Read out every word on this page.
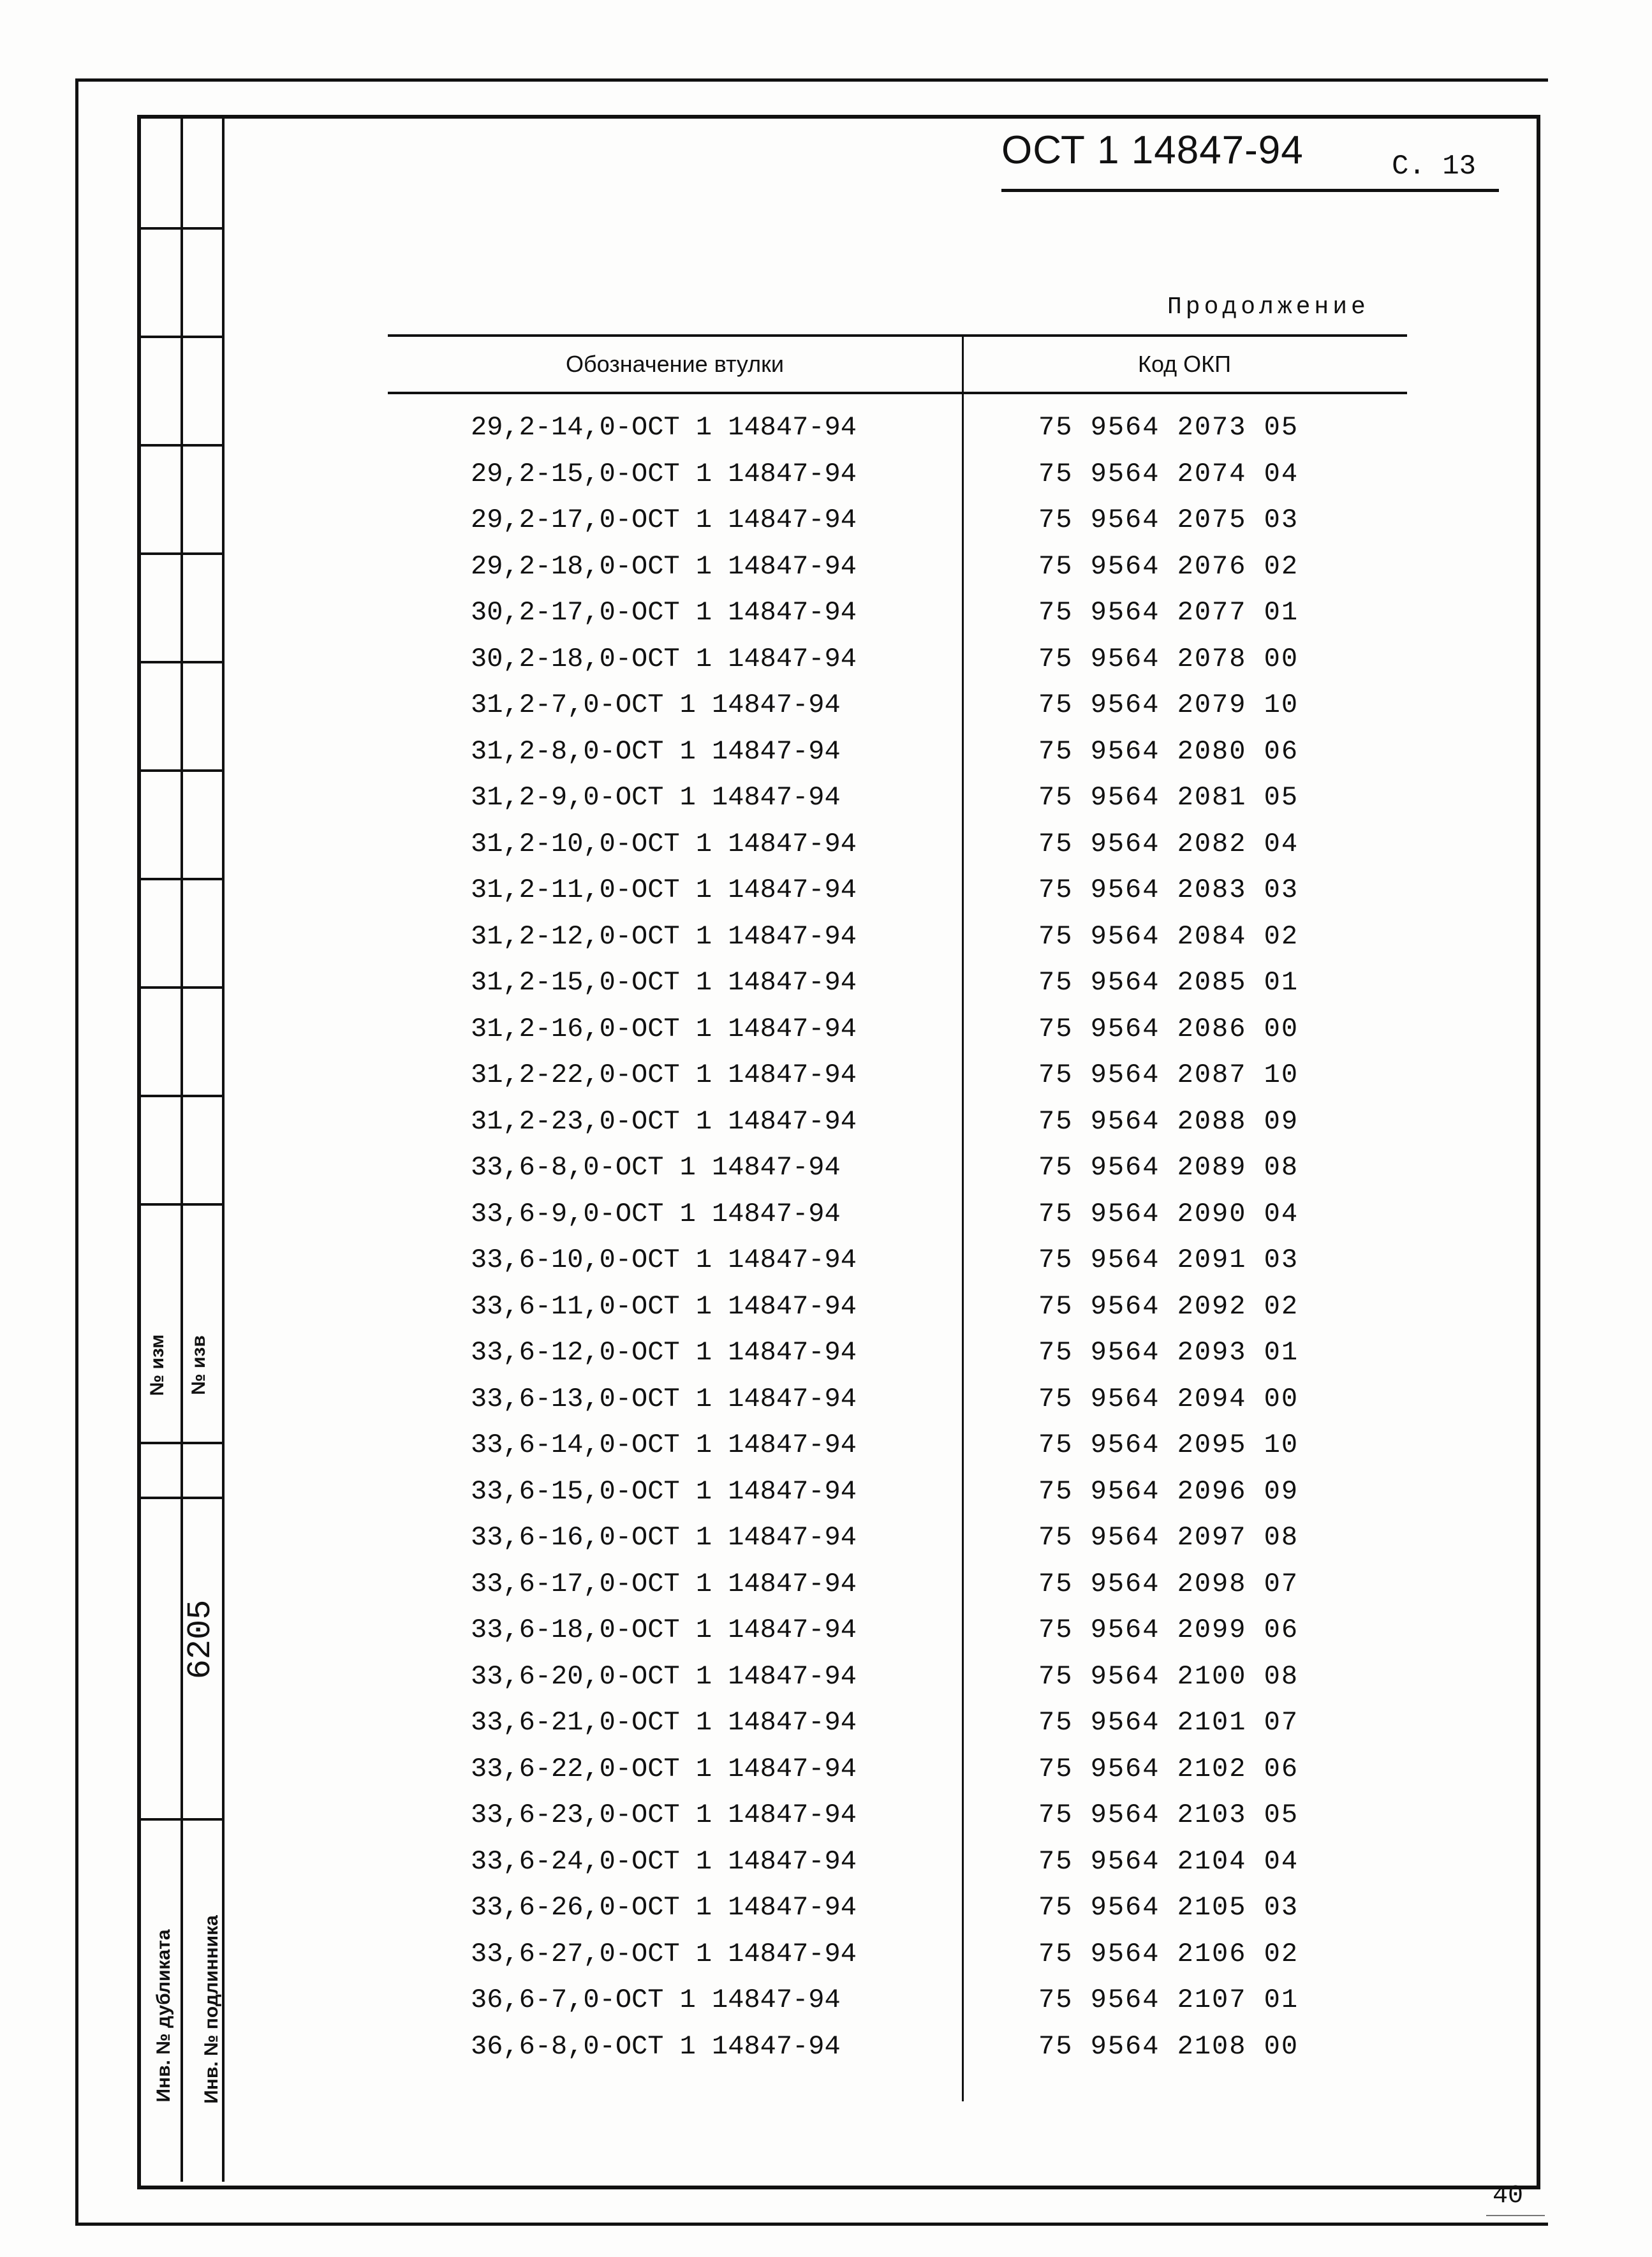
№ изм № изв
6205
Инв. № дубликата Инв. № подлинника
ОСТ 1 14847-94	С. 13
Продолжение
Обозначение втулки	Код ОКП
29,2-14,0-ОСТ 1 14847-94	75 9564 2073 05
29,2-15,0-ОСТ 1 14847-94	75 9564 2074 04
29,2-17,0-ОСТ 1 14847-94	75 9564 2075 03
29,2-18,0-ОСТ 1 14847-94	75 9564 2076 02
30,2-17,0-ОСТ 1 14847-94	75 9564 2077 01
30,2-18,0-ОСТ 1 14847-94	75 9564 2078 00
31,2-7,0-ОСТ 1 14847-94	75 9564 2079 10
31,2-8,0-ОСТ 1 14847-94	75 9564 2080 06
31,2-9,0-ОСТ 1 14847-94	75 9564 2081 05
31,2-10,0-ОСТ 1 14847-94	75 9564 2082 04
31,2-11,0-ОСТ 1 14847-94	75 9564 2083 03
31,2-12,0-ОСТ 1 14847-94	75 9564 2084 02
31,2-15,0-ОСТ 1 14847-94	75 9564 2085 01
31,2-16,0-ОСТ 1 14847-94	75 9564 2086 00
31,2-22,0-ОСТ 1 14847-94	75 9564 2087 10
31,2-23,0-ОСТ 1 14847-94	75 9564 2088 09
33,6-8,0-ОСТ 1 14847-94	75 9564 2089 08
33,6-9,0-ОСТ 1 14847-94	75 9564 2090 04
33,6-10,0-ОСТ 1 14847-94	75 9564 2091 03
33,6-11,0-ОСТ 1 14847-94	75 9564 2092 02
33,6-12,0-ОСТ 1 14847-94	75 9564 2093 01
33,6-13,0-ОСТ 1 14847-94	75 9564 2094 00
33,6-14,0-ОСТ 1 14847-94	75 9564 2095 10
33,6-15,0-ОСТ 1 14847-94	75 9564 2096 09
33,6-16,0-ОСТ 1 14847-94	75 9564 2097 08
33,6-17,0-ОСТ 1 14847-94	75 9564 2098 07
33,6-18,0-ОСТ 1 14847-94	75 9564 2099 06
33,6-20,0-ОСТ 1 14847-94	75 9564 2100 08
33,6-21,0-ОСТ 1 14847-94	75 9564 2101 07
33,6-22,0-ОСТ 1 14847-94	75 9564 2102 06
33,6-23,0-ОСТ 1 14847-94	75 9564 2103 05
33,6-24,0-ОСТ 1 14847-94	75 9564 2104 04
33,6-26,0-ОСТ 1 14847-94	75 9564 2105 03
33,6-27,0-ОСТ 1 14847-94	75 9564 2106 02
36,6-7,0-ОСТ 1 14847-94	75 9564 2107 01
36,6-8,0-ОСТ 1 14847-94	75 9564 2108 00
40
